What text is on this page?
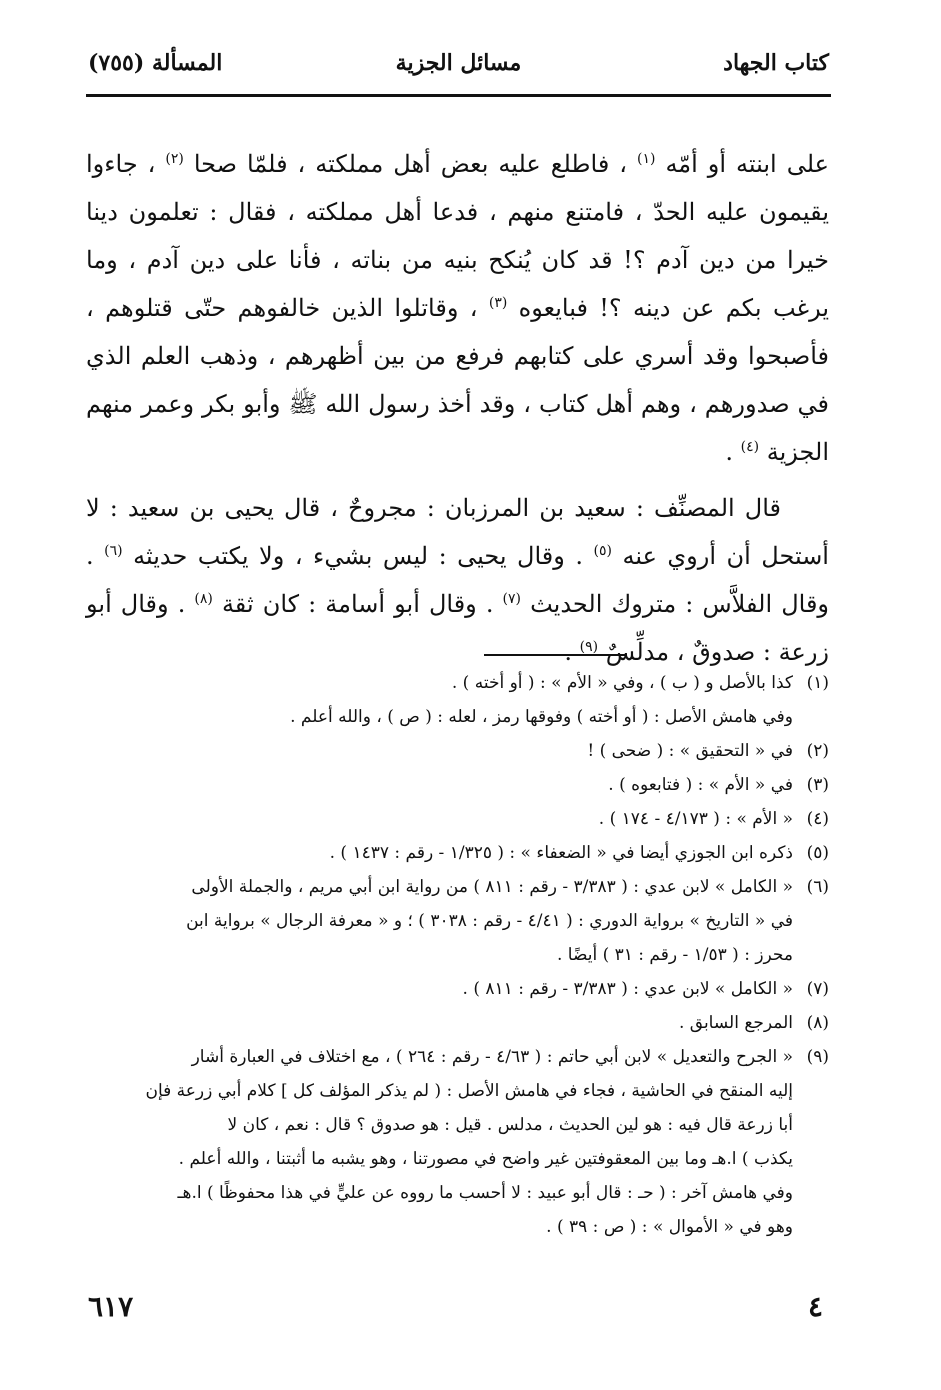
كتاب الجهاد
مسائل الجزية
المسألة (٧٥٥)

على ابنته أو أمّه $^{(١)}$ ، فاطلع عليه بعض أهل مملكته ، فلمّا صحا $^{(٢)}$ ، جاءوا يقيمون عليه الحدّ ، فامتنع منهم ، فدعا أهل مملكته ، فقال : تعلمون دينا خيرا من دين آدم ؟! قد كان يُنكح بنيه من بناته ، فأنا على دين آدم ، وما يرغب بكم عن دينه ؟! فبايعوه $^{(٣)}$ ، وقاتلوا الذين خالفوهم حتّى قتلوهم ، فأصبحوا وقد أسري على كتابهم فرفع من بين أظهرهم ، وذهب العلم الذي في صدورهم ، وهم أهل كتاب ، وقد أخذ رسول الله ﷺ وأبو بكر وعمر منهم الجزية $^{(٤)}$ .

قال المصنِّف : سعيد بن المرزبان : مجروحٌ ، قال يحيى بن سعيد : لا أستحل أن أروي عنه $^{(٥)}$ . وقال يحيى : ليس بشيء ، ولا يكتب حديثه $^{(٦)}$ . وقال الفلاَّس : متروك الحديث $^{(٧)}$ . وقال أبو أسامة : كان ثقة $^{(٨)}$ . وقال أبو زرعة : صدوقٌ ، مدلِّسٌ $^{(٩)}$ .

(١)
كذا بالأصل و ( ب ) ، وفي « الأم » : ( أو أخته ) .
وفي هامش الأصل : ( أو أخته ) وفوقها رمز ، لعله : ( ص ) ، والله أعلم .
(٢)
في « التحقيق » : ( ضحى ) !
(٣)
في « الأم » : ( فتابعوه ) .
(٤)
« الأم » : ( ٤/١٧٣ - ١٧٤ ) .
(٥)
ذكره ابن الجوزي أيضا في « الضعفاء » : ( ١/٣٢٥ - رقم : ١٤٣٧ ) .
(٦)
« الكامل » لابن عدي : ( ٣/٣٨٣ - رقم : ٨١١ ) من رواية ابن أبي مريم ، والجملة الأولى
في « التاريخ » برواية الدوري : ( ٤/٤١ - رقم : ٣٠٣٨ ) ؛ و « معرفة الرجال » برواية ابن
محرز : ( ١/٥٣ - رقم : ٣١ ) أيضًا .
(٧)
« الكامل » لابن عدي : ( ٣/٣٨٣ - رقم : ٨١١ ) .
(٨)
المرجع السابق .
(٩)
« الجرح والتعديل » لابن أبي حاتم : ( ٤/٦٣ - رقم : ٢٦٤ ) ، مع اختلاف في العبارة أشار
إليه المنقح في الحاشية ، فجاء في هامش الأصل : ( لم يذكر المؤلف كل ] كلام أبي زرعة فإن
أبا زرعة قال فيه : هو لين الحديث ، مدلس . قيل : هو صدوق ؟ قال : نعم ، كان لا
يكذب ) ا.هـ وما بين المعقوفتين غير واضح في مصورتنا ، وهو يشبه ما أثبتنا ، والله أعلم .
وفي هامش آخر : ( حـ : قال أبو عبيد : لا أحسب ما رووه عن عليٍّ في هذا محفوظًا ) ا.هـ
وهو في « الأموال » : ( ص : ٣٩ ) .
٦١٧	٤
